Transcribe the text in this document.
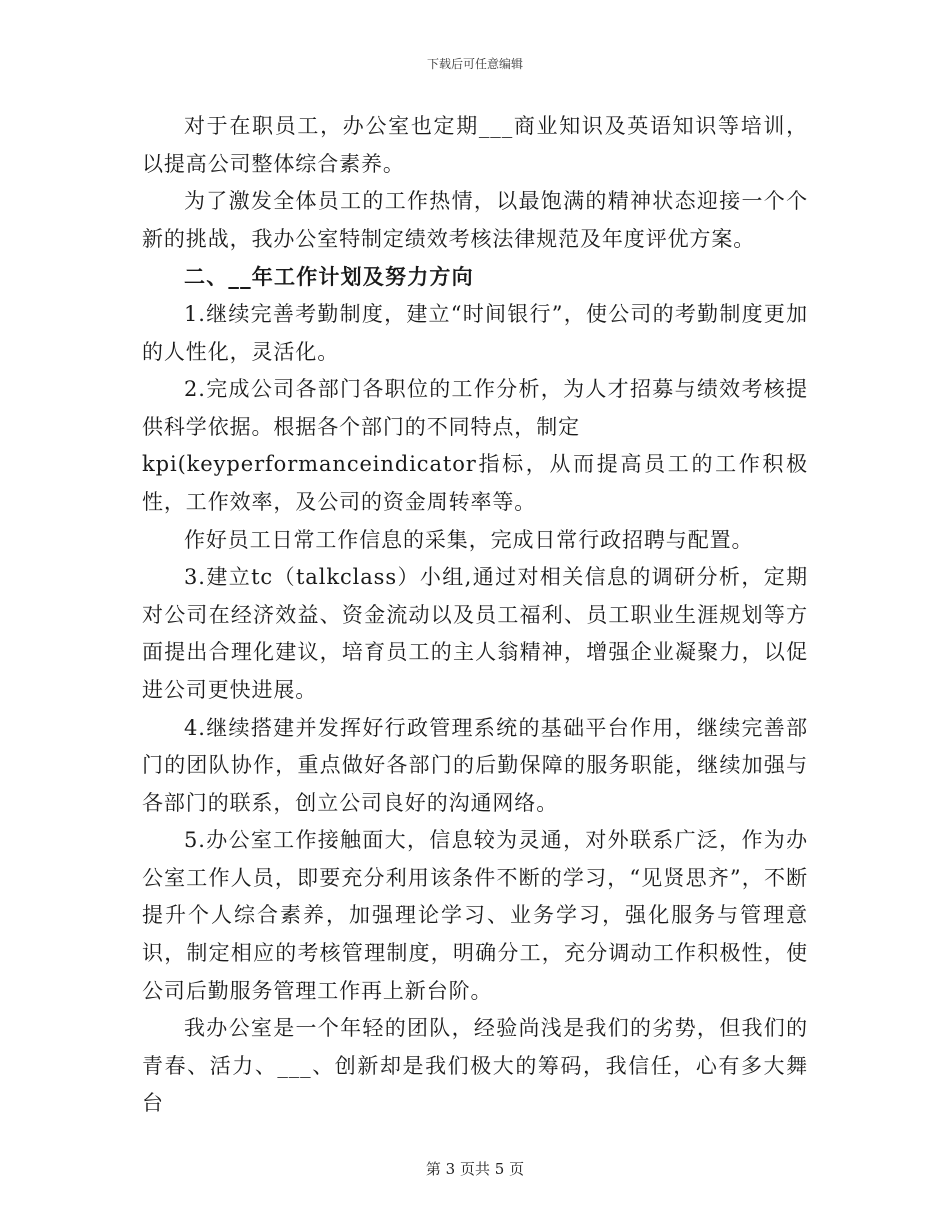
下载后可任意编辑

对于在职员工，办公室也定期___商业知识及英语知识等培训，以提高公司整体综合素养。

为了激发全体员工的工作热情，以最饱满的精神状态迎接一个个新的挑战，我办公室特制定绩效考核法律规范及年度评优方案。

二、__年工作计划及努力方向

1.继续完善考勤制度，建立“时间银行”，使公司的考勤制度更加的人性化，灵活化。

2.完成公司各部门各职位的工作分析，为人才招募与绩效考核提供科学依据。根据各个部门的不同特点，制定

kpi(keyperformanceindicator指标，从而提高员工的工作积极性，工作效率，及公司的资金周转率等。

作好员工日常工作信息的采集，完成日常行政招聘与配置。

3.建立tc（talkclass）小组,通过对相关信息的调研分析，定期对公司在经济效益、资金流动以及员工福利、员工职业生涯规划等方面提出合理化建议，培育员工的主人翁精神，增强企业凝聚力，以促进公司更快进展。

4.继续搭建并发挥好行政管理系统的基础平台作用，继续完善部门的团队协作，重点做好各部门的后勤保障的服务职能，继续加强与各部门的联系，创立公司良好的沟通网络。

5.办公室工作接触面大，信息较为灵通，对外联系广泛，作为办公室工作人员，即要充分利用该条件不断的学习，“见贤思齐”，不断提升个人综合素养，加强理论学习、业务学习，强化服务与管理意识，制定相应的考核管理制度，明确分工，充分调动工作积极性，使公司后勤服务管理工作再上新台阶。

我办公室是一个年轻的团队，经验尚浅是我们的劣势，但我们的青春、活力、___、创新却是我们极大的筹码，我信任，心有多大舞台

第 3 页共 5 页
